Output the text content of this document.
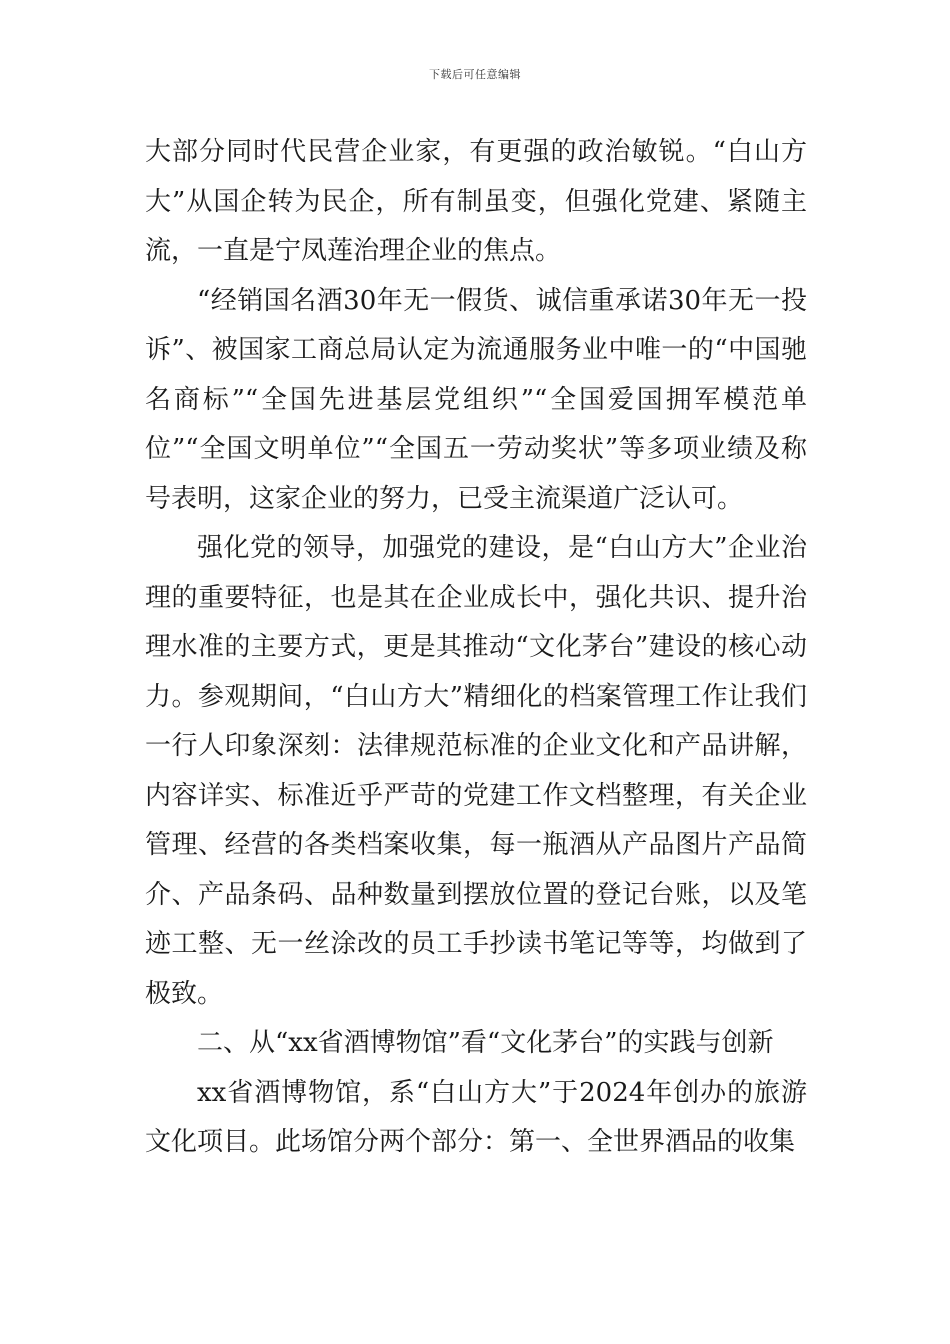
下载后可任意编辑

大部分同时代民营企业家，有更强的政治敏锐。“白山方大”从国企转为民企，所有制虽变，但强化党建、紧随主流，一直是宁凤莲治理企业的焦点。

“经销国名酒30年无一假货、诚信重承诺30年无一投诉”、被国家工商总局认定为流通服务业中唯一的“中国驰名商标”“全国先进基层党组织”“全国爱国拥军模范单位”“全国文明单位”“全国五一劳动奖状”等多项业绩及称号表明，这家企业的努力，已受主流渠道广泛认可。

强化党的领导，加强党的建设，是“白山方大”企业治理的重要特征，也是其在企业成长中，强化共识、提升治理水准的主要方式，更是其推动“文化茅台”建设的核心动力。参观期间，“白山方大”精细化的档案管理工作让我们一行人印象深刻：法律规范标准的企业文化和产品讲解，内容详实、标准近乎严苛的党建工作文档整理，有关企业管理、经营的各类档案收集，每一瓶酒从产品图片产品简介、产品条码、品种数量到摆放位置的登记台账，以及笔迹工整、无一丝涂改的员工手抄读书笔记等等，均做到了极致。

二、从“xx省酒博物馆”看“文化茅台”的实践与创新

xx省酒博物馆，系“白山方大”于2024年创办的旅游文化项目。此场馆分两个部分：第一、全世界酒品的收集
